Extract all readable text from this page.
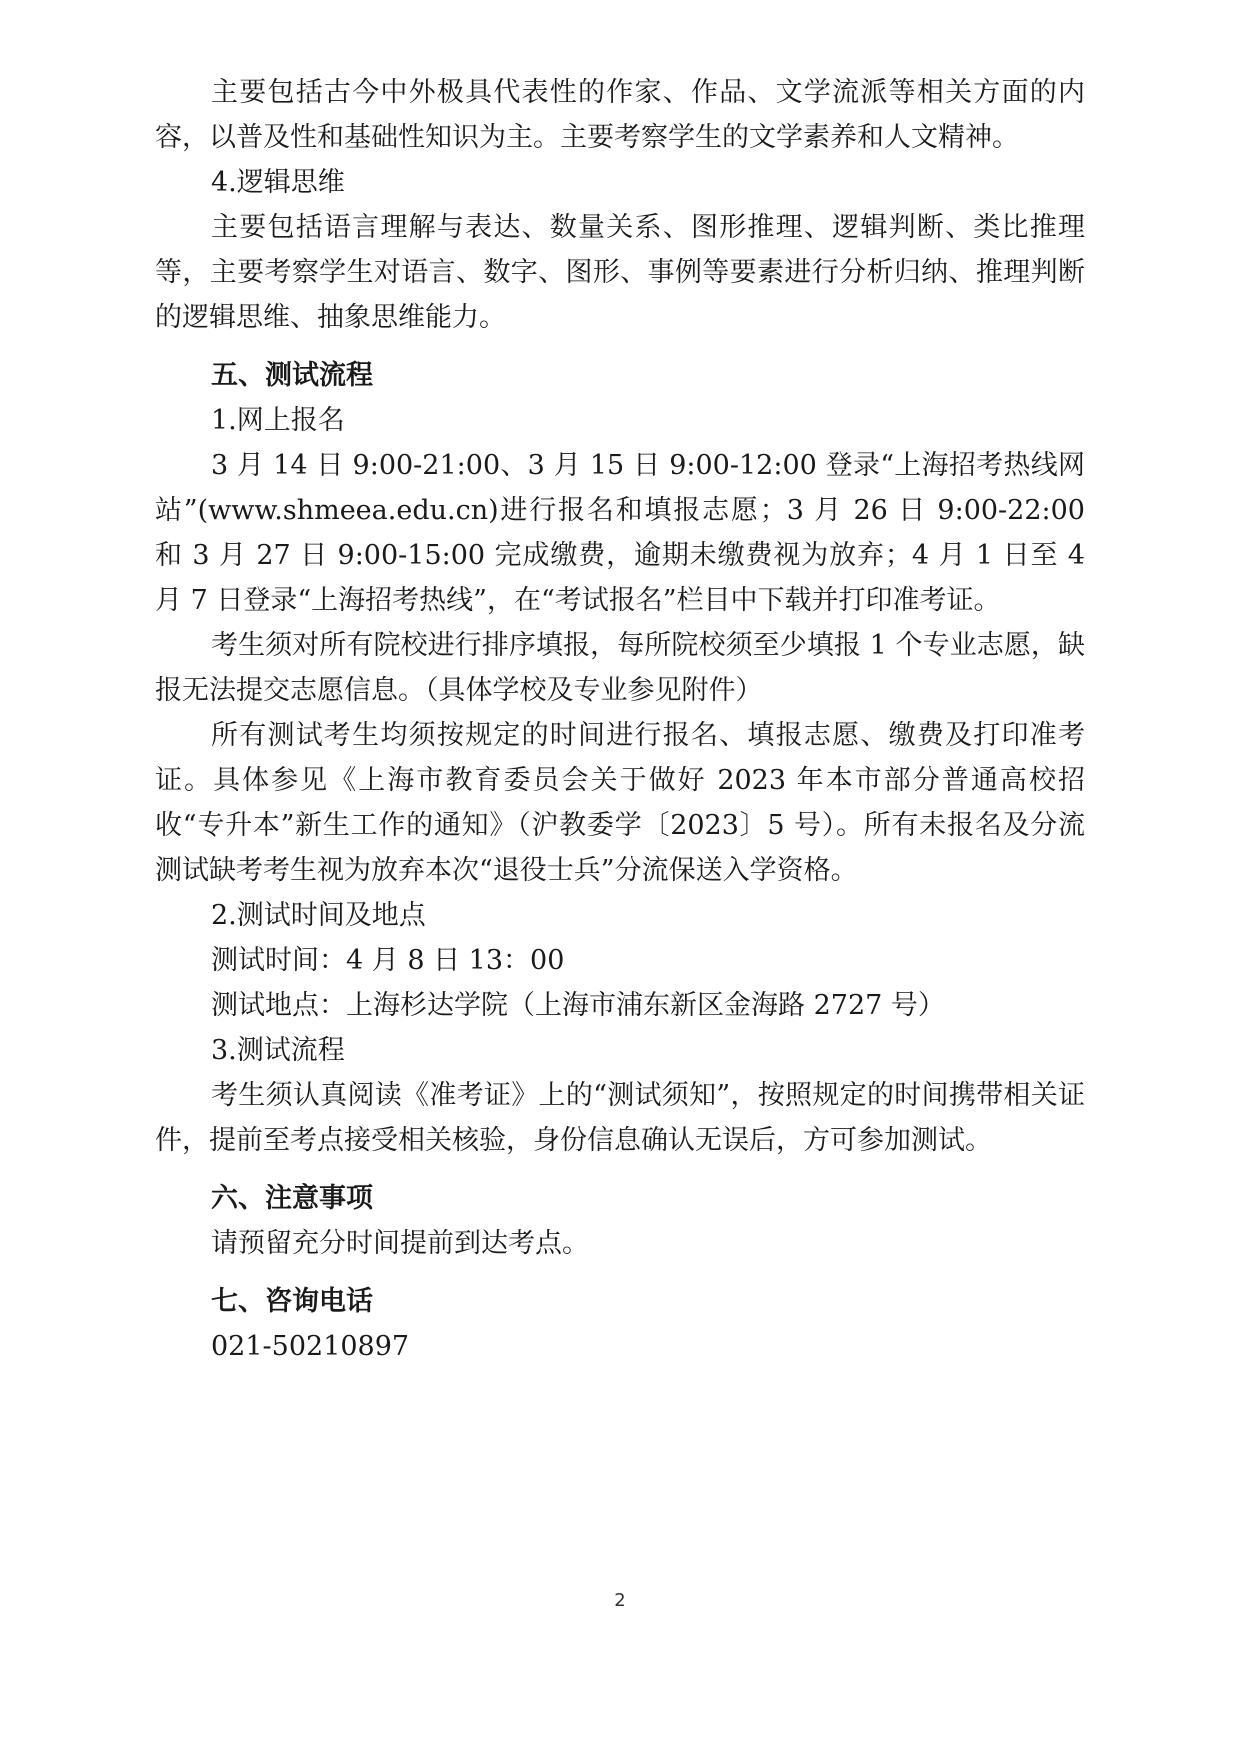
主要包括古今中外极具代表性的作家、作品、文学流派等相关方面的内容，以普及性和基础性知识为主。主要考察学生的文学素养和人文精神。

4.逻辑思维

主要包括语言理解与表达、数量关系、图形推理、逻辑判断、类比推理等，主要考察学生对语言、数字、图形、事例等要素进行分析归纳、推理判断的逻辑思维、抽象思维能力。

五、测试流程

1.网上报名

3 月 14 日 9:00-21:00、3 月 15 日 9:00-12:00 登录“上海招考热线网站”(www.shmeea.edu.cn)进行报名和填报志愿；3 月 26 日 9:00-22:00 和 3 月 27 日 9:00-15:00 完成缴费，逾期未缴费视为放弃；4 月 1 日至 4 月 7 日登录“上海招考热线”，在“考试报名”栏目中下载并打印准考证。

考生须对所有院校进行排序填报，每所院校须至少填报 1 个专业志愿，缺报无法提交志愿信息。（具体学校及专业参见附件）

所有测试考生均须按规定的时间进行报名、填报志愿、缴费及打印准考证。具体参见《上海市教育委员会关于做好 2023 年本市部分普通高校招收“专升本”新生工作的通知》（沪教委学〔2023〕5 号）。所有未报名及分流测试缺考考生视为放弃本次“退役士兵”分流保送入学资格。

2.测试时间及地点

测试时间：4 月 8 日 13：00

测试地点：上海杉达学院（上海市浦东新区金海路 2727 号）

3.测试流程

考生须认真阅读《准考证》上的“测试须知”，按照规定的时间携带相关证件，提前至考点接受相关核验，身份信息确认无误后，方可参加测试。

六、注意事项

请预留充分时间提前到达考点。

七、咨询电话

021-50210897

2
